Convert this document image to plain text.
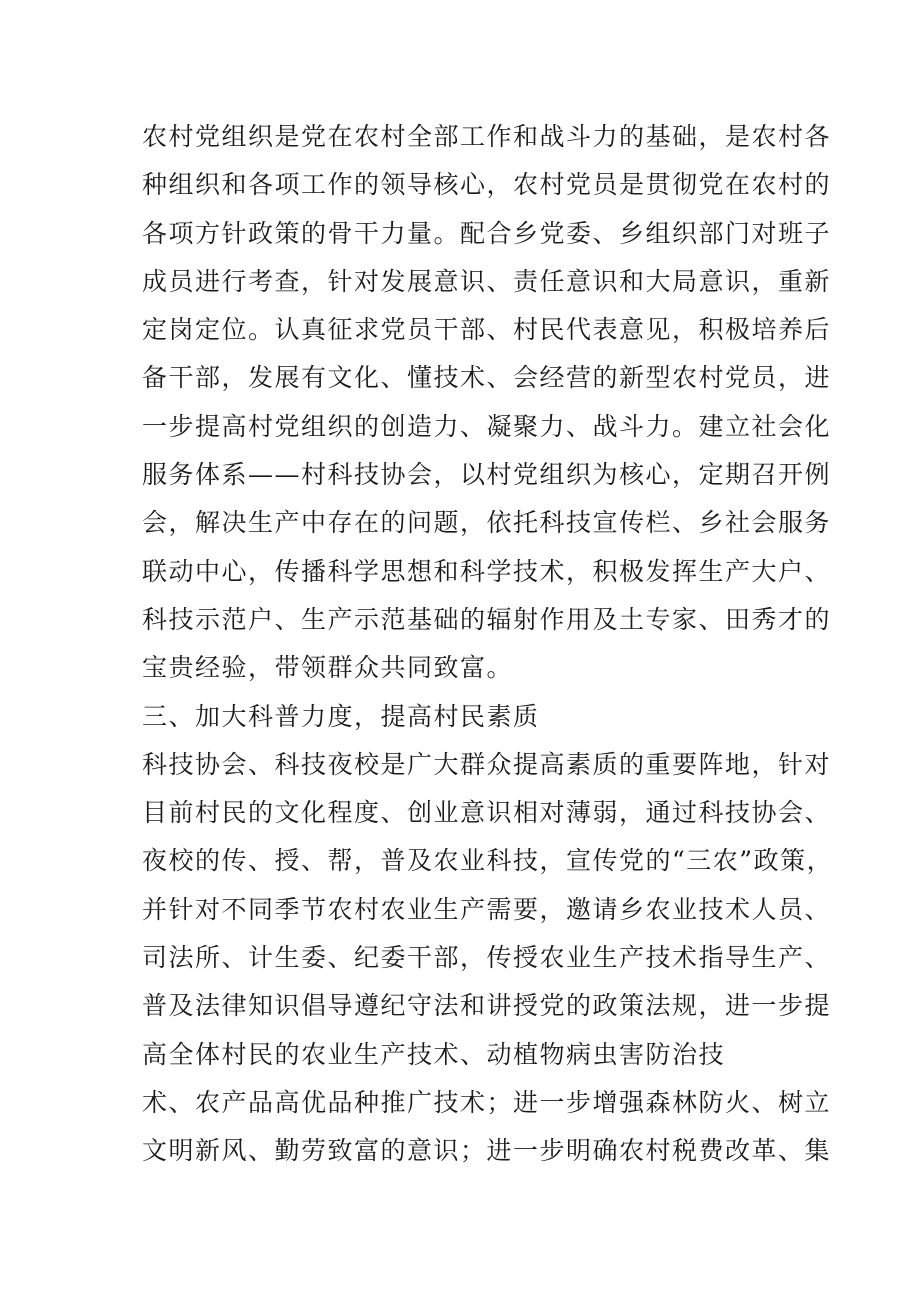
农村党组织是党在农村全部工作和战斗力的基础，是农村各
种组织和各项工作的领导核心，农村党员是贯彻党在农村的
各项方针政策的骨干力量。配合乡党委、乡组织部门对班子
成员进行考查，针对发展意识、责任意识和大局意识，重新
定岗定位。认真征求党员干部、村民代表意见，积极培养后
备干部，发展有文化、懂技术、会经营的新型农村党员，进
一步提高村党组织的创造力、凝聚力、战斗力。建立社会化
服务体系——村科技协会，以村党组织为核心，定期召开例
会，解决生产中存在的问题，依托科技宣传栏、乡社会服务
联动中心，传播科学思想和科学技术，积极发挥生产大户、
科技示范户、生产示范基础的辐射作用及土专家、田秀才的
宝贵经验，带领群众共同致富。
三、加大科普力度，提高村民素质
科技协会、科技夜校是广大群众提高素质的重要阵地，针对
目前村民的文化程度、创业意识相对薄弱，通过科技协会、
夜校的传、授、帮，普及农业科技，宣传党的“三农”政策，
并针对不同季节农村农业生产需要，邀请乡农业技术人员、
司法所、计生委、纪委干部，传授农业生产技术指导生产、
普及法律知识倡导遵纪守法和讲授党的政策法规，进一步提
高全体村民的农业生产技术、动植物病虫害防治技
术、农产品高优品种推广技术；进一步增强森林防火、树立
文明新风、勤劳致富的意识；进一步明确农村税费改革、集
